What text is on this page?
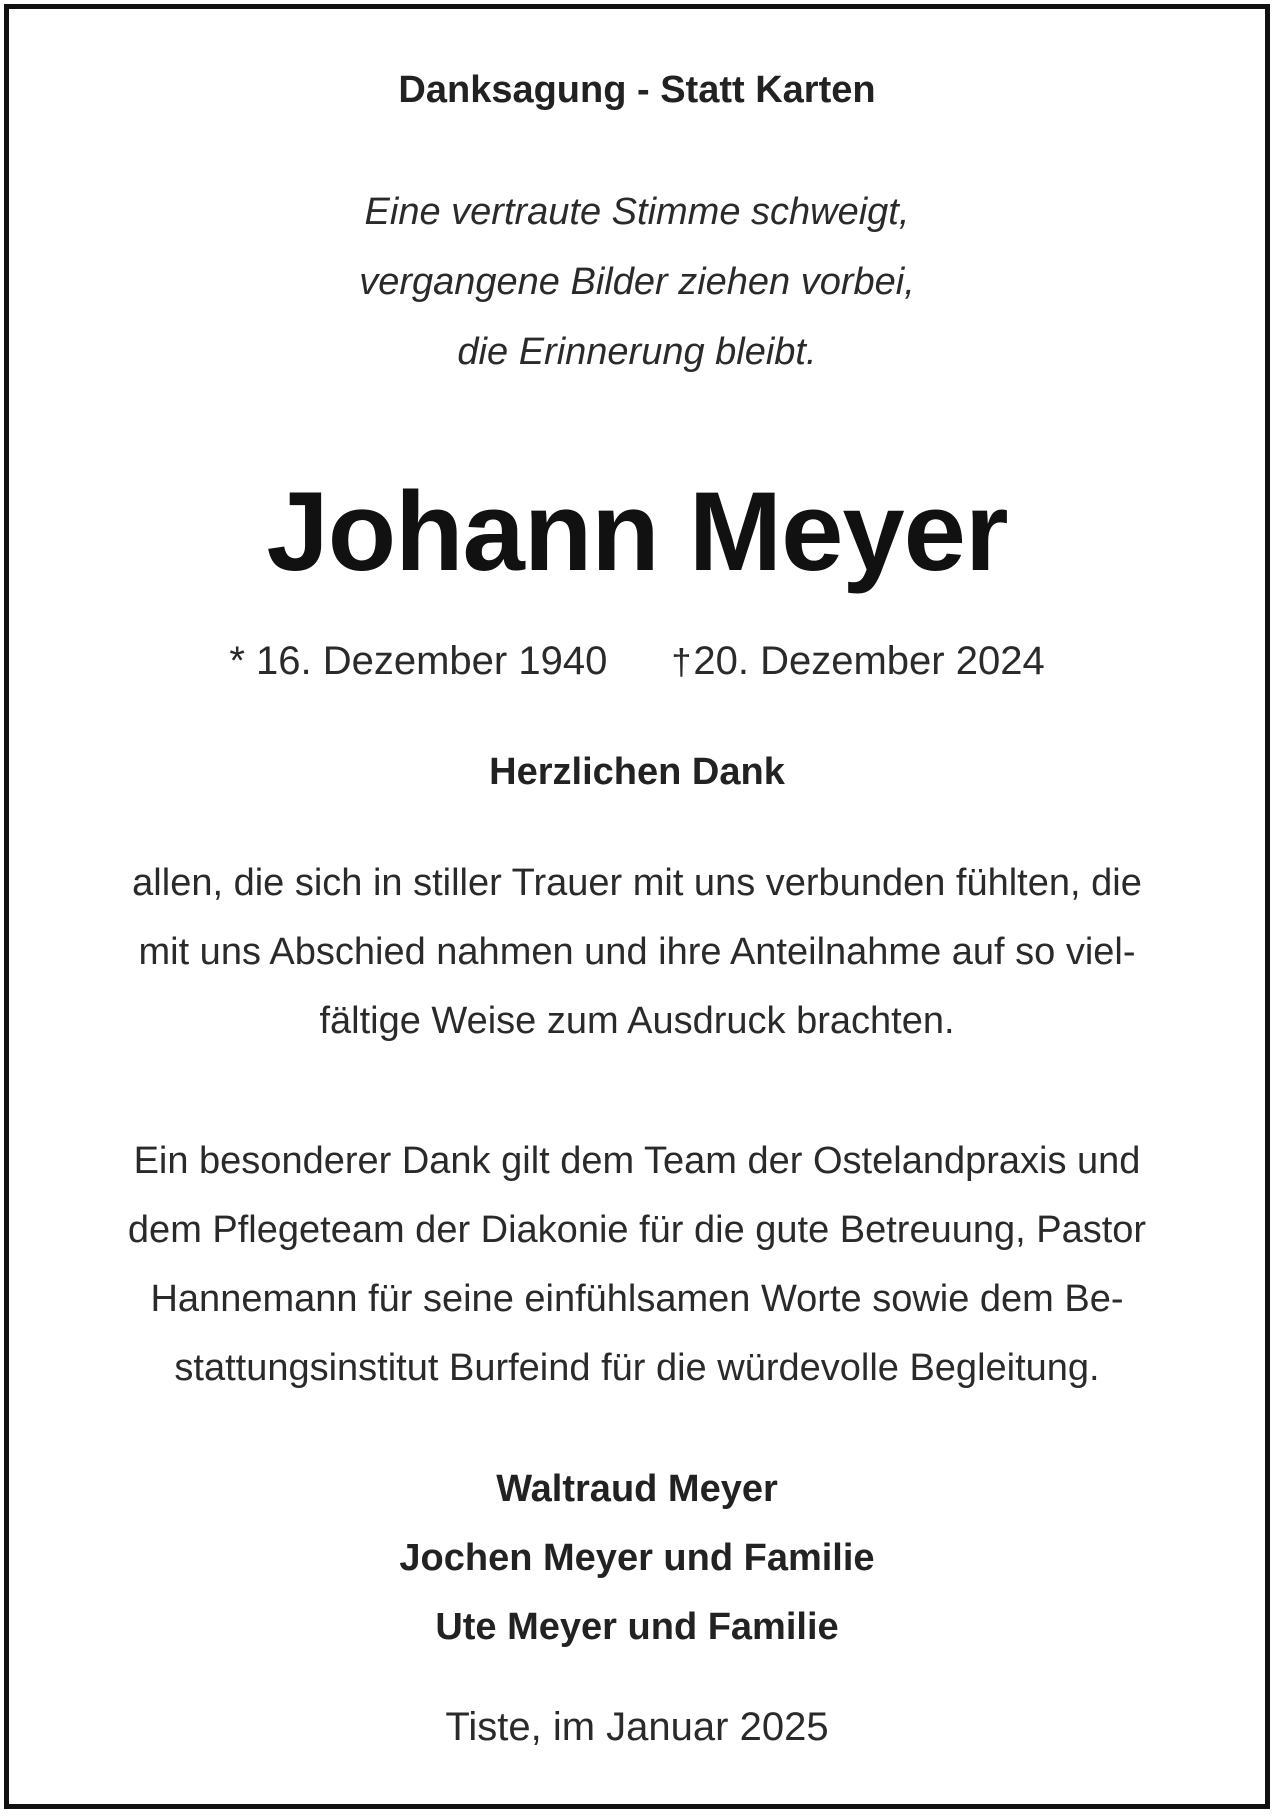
Danksagung - Statt Karten
Eine vertraute Stimme schweigt,
vergangene Bilder ziehen vorbei,
die Erinnerung bleibt.
Johann Meyer
* 16. Dezember 1940 †20. Dezember 2024
Herzlichen Dank
allen, die sich in stiller Trauer mit uns verbunden fühlten, die
mit uns Abschied nahmen und ihre Anteilnahme auf so viel-
fältige Weise zum Ausdruck brachten.
Ein besonderer Dank gilt dem Team der Ostelandpraxis und
dem Pflegeteam der Diakonie für die gute Betreuung, Pastor
Hannemann für seine einfühlsamen Worte sowie dem Be-
stattungsinstitut Burfeind für die würdevolle Begleitung.
Waltraud Meyer
Jochen Meyer und Familie
Ute Meyer und Familie
Tiste, im Januar 2025
